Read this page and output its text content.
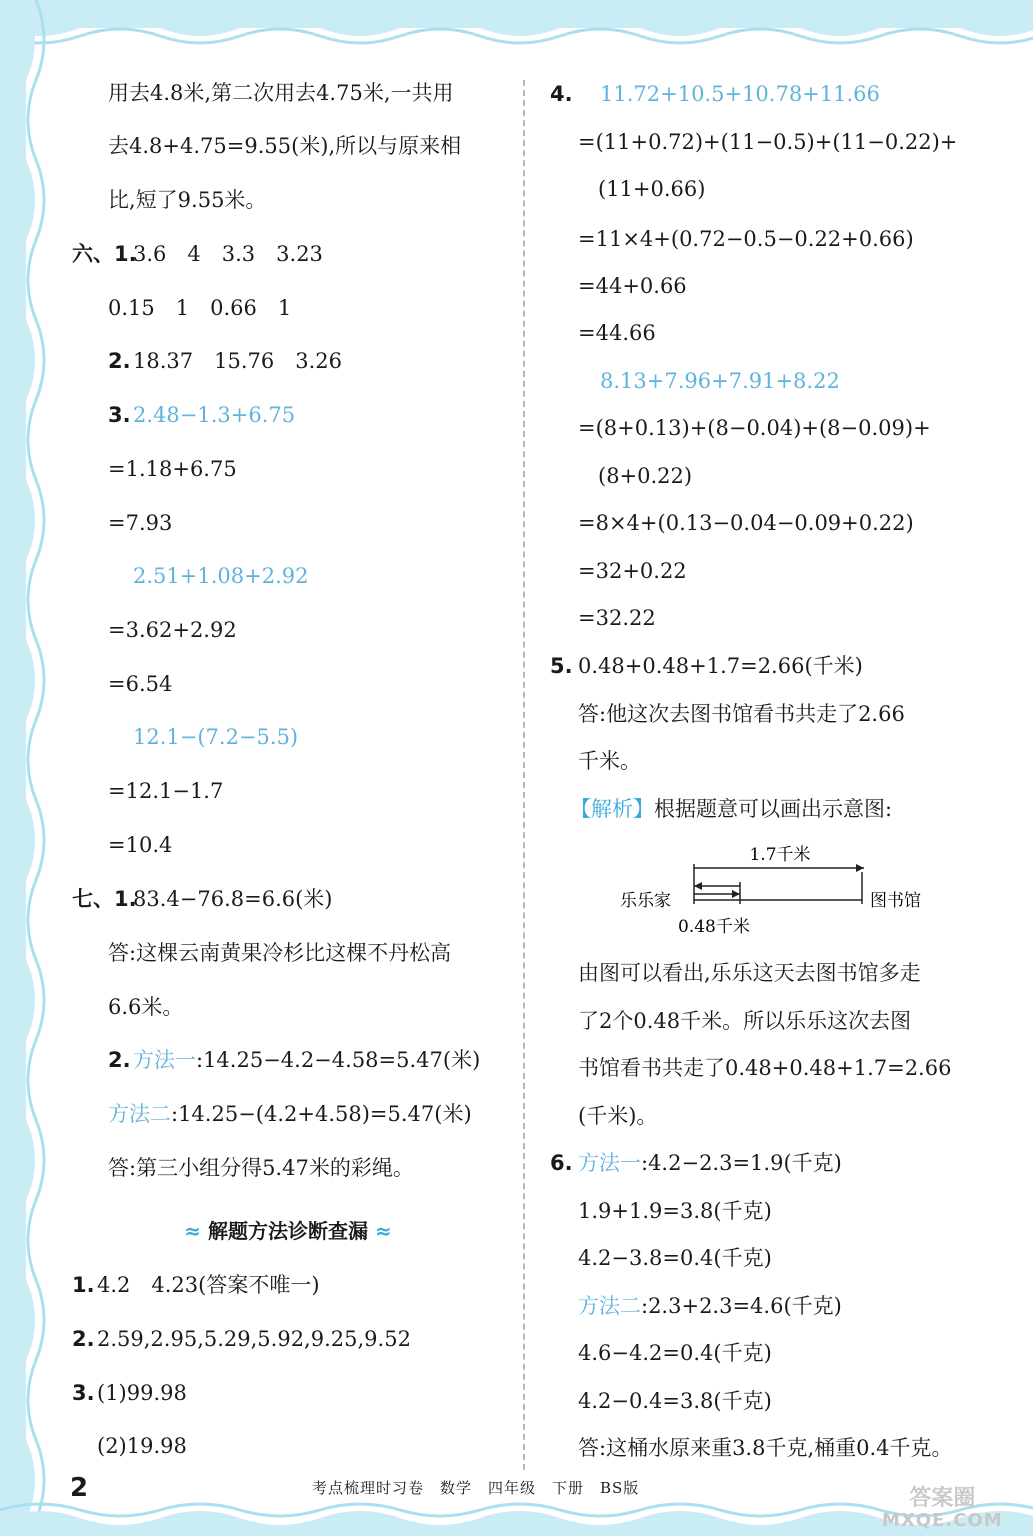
用去4.8米,第二次用去4.75米,一共用
去4.8+4.75=9.55(米),所以与原来相
比,短了9.55米。
六、1.
3.6　4　3.3　3.23
0.15　1　0.66　1
2. 18.37　15.76　3.26
3. 2.48−1.3+6.75
=1.18+6.75
=7.93
2.51+1.08+2.92
=3.62+2.92
=6.54
12.1−(7.2−5.5)
=12.1−1.7
=10.4
七、1.
83.4−76.8=6.6(米)
答:这棵云南黄果冷杉比这棵不丹松高
6.6米。
2. 方法一:14.25−4.2−4.58=5.47(米)
方法二:14.25−(4.2+4.58)=5.47(米)
答:第三小组分得5.47米的彩绳。
≈ 解题方法诊断查漏 ≈
1. 4.2　4.23(答案不唯一)
2. 2.59,2.95,5.29,5.92,9.25,9.52
3. (1)99.98
(2)19.98
4. 11.72+10.5+10.78+11.66
=(11+0.72)+(11−0.5)+(11−0.22)+
(11+0.66)
=11×4+(0.72−0.5−0.22+0.66)
=44+0.66
=44.66
8.13+7.96+7.91+8.22
=(8+0.13)+(8−0.04)+(8−0.09)+
(8+0.22)
=8×4+(0.13−0.04−0.09+0.22)
=32+0.22
=32.22
5. 0.48+0.48+1.7=2.66(千米)
答:他这次去图书馆看书共走了2.66
千米。
【解析】根据题意可以画出示意图:
1.7千米
乐乐家	图书馆
0.48千米
由图可以看出,乐乐这天去图书馆多走
了2个0.48千米。所以乐乐这次去图
书馆看书共走了0.48+0.48+1.7=2.66
(千米)。
6. 方法一:4.2−2.3=1.9(千克)
1.9+1.9=3.8(千克)
4.2−3.8=0.4(千克)
方法二:2.3+2.3=4.6(千克)
4.6−4.2=0.4(千克)
4.2−0.4=3.8(千克)
答:这桶水原来重3.8千克,桶重0.4千克。
2	考点梳理时习卷　数学　四年级　下册　BS版	答案圈
MXQE.COM
